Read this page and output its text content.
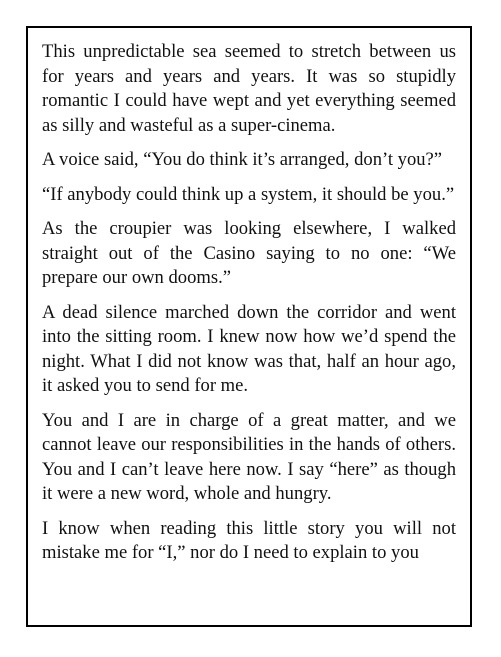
This unpredictable sea seemed to stretch between us for years and years and years. It was so stupidly romantic I could have wept and yet everything seemed as silly and wasteful as a super-cinema.

A voice said, “You do think it’s arranged, don’t you?”

“If anybody could think up a system, it should be you.”

As the croupier was looking elsewhere, I walked straight out of the Casino saying to no one: “We prepare our own dooms.”

A dead silence marched down the corridor and went into the sitting room. I knew now how we’d spend the night. What I did not know was that, half an hour ago, it asked you to send for me.

You and I are in charge of a great matter, and we cannot leave our responsibilities in the hands of others. You and I can’t leave here now. I say “here” as though it were a new word, whole and hungry.

I know when reading this little story you will not mistake me for “I,” nor do I need to explain to you
